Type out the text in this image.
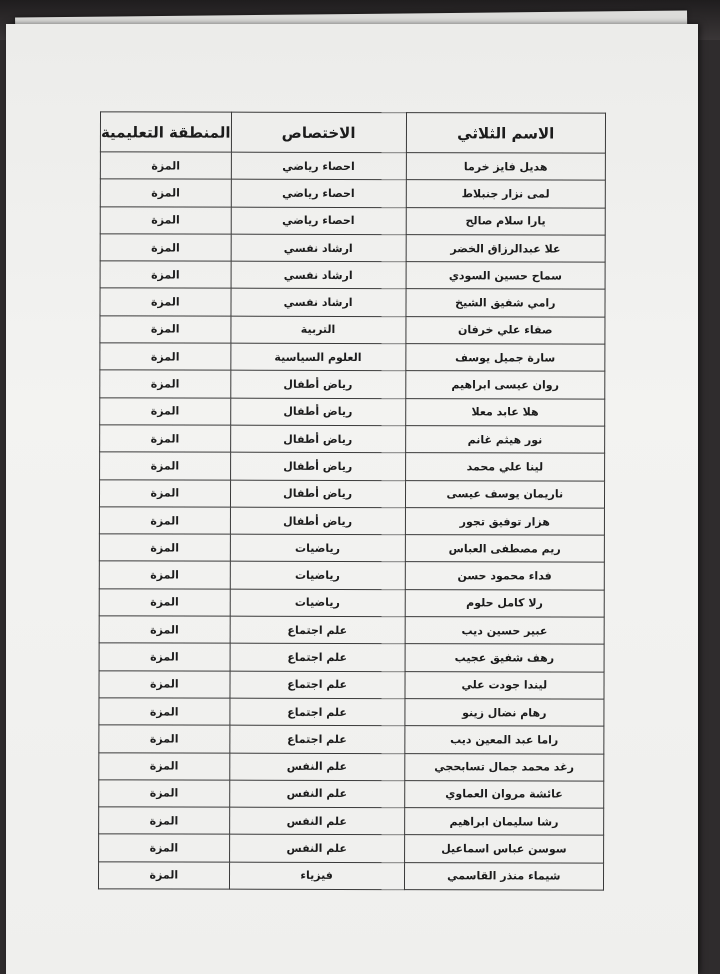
الاسم الثلاثي	الاختصاص	المنطقة التعليمية
هديل فايز خرما	احصاء رياضي	المزة
لمى نزار جنبلاط	احصاء رياضي	المزة
يارا سلام صالح	احصاء رياضي	المزة
علا عبدالرزاق الخضر	ارشاد نفسي	المزة
سماح حسين السودي	ارشاد نفسي	المزة
رامي شفيق الشيخ	ارشاد نفسي	المزة
صفاء علي خرفان	التربية	المزة
سارة جميل يوسف	العلوم السياسية	المزة
روان عيسى ابراهيم	رياض أطفال	المزة
هلا عابد معلا	رياض أطفال	المزة
نور هيثم غانم	رياض أطفال	المزة
لينا علي محمد	رياض أطفال	المزة
ناريمان يوسف عيسى	رياض أطفال	المزة
هزار توفيق تجور	رياض أطفال	المزة
ريم مصطفى العباس	رياضيات	المزة
فداء محمود حسن	رياضيات	المزة
رلا كامل حلوم	رياضيات	المزة
عبير حسين ديب	علم اجتماع	المزة
رهف شفيق عجيب	علم اجتماع	المزة
ليندا جودت علي	علم اجتماع	المزة
رهام نضال زينو	علم اجتماع	المزة
راما عبد المعين ديب	علم اجتماع	المزة
رغد محمد جمال تسابحجي	علم النفس	المزة
عائشة مروان العماوي	علم النفس	المزة
رشا سليمان ابراهيم	علم النفس	المزة
سوسن عباس اسماعيل	علم النفس	المزة
شيماء منذر القاسمي	فيزياء	المزة
